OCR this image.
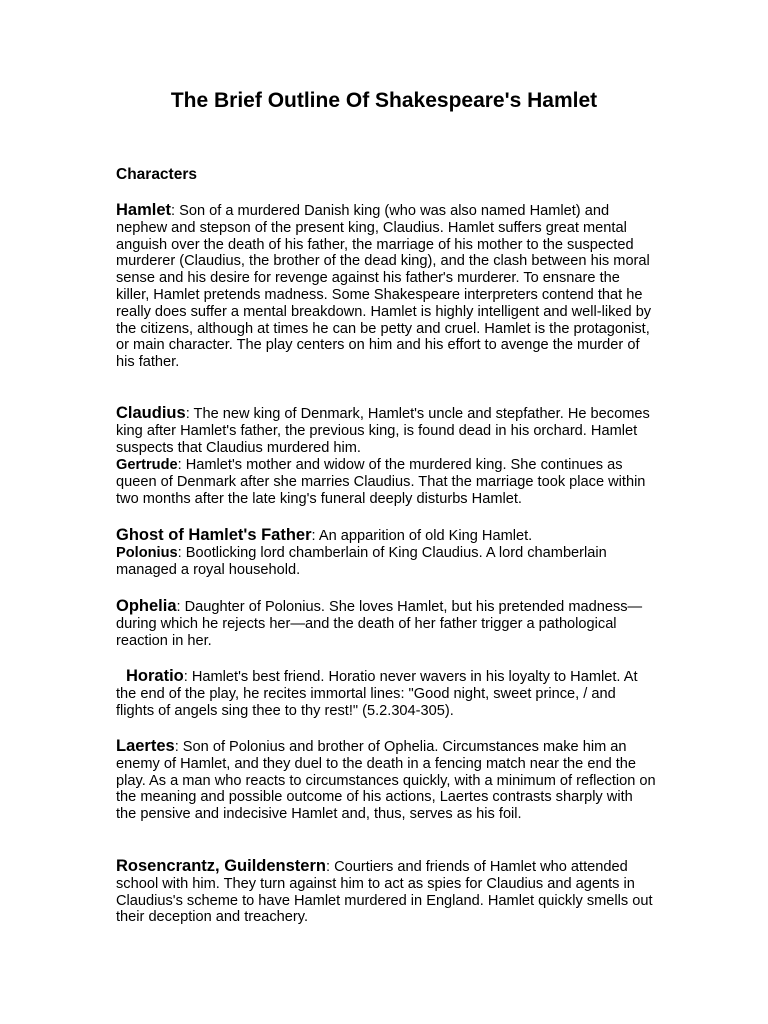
The Brief Outline Of Shakespeare's Hamlet
Characters

Hamlet: Son of a murdered Danish king (who was also named Hamlet) and nephew and stepson of the present king, Claudius. Hamlet suffers great mental anguish over the death of his father, the marriage of his mother to the suspected murderer (Claudius, the brother of the dead king), and the clash between his moral sense and his desire for revenge against his father's murderer. To ensnare the killer, Hamlet pretends madness. Some Shakespeare interpreters contend that he really does suffer a mental breakdown. Hamlet is highly intelligent and well-liked by the citizens, although at times he can be petty and cruel. Hamlet is the protagonist, or main character. The play centers on him and his effort to avenge the murder of his father.

Claudius: The new king of Denmark, Hamlet's uncle and stepfather. He becomes king after Hamlet's father, the previous king, is found dead in his orchard. Hamlet suspects that Claudius murdered him.

Gertrude: Hamlet's mother and widow of the murdered king. She continues as queen of Denmark after she marries Claudius. That the marriage took place within two months after the late king's funeral deeply disturbs Hamlet.

Ghost of Hamlet's Father: An apparition of old King Hamlet.

Polonius: Bootlicking lord chamberlain of King Claudius. A lord chamberlain managed a royal household.

Ophelia: Daughter of Polonius. She loves Hamlet, but his pretended madness—during which he rejects her—and the death of her father trigger a pathological reaction in her.

Horatio: Hamlet's best friend. Horatio never wavers in his loyalty to Hamlet. At the end of the play, he recites immortal lines: "Good night, sweet prince, / and flights of angels sing thee to thy rest!" (5.2.304-305).

Laertes: Son of Polonius and brother of Ophelia. Circumstances make him an enemy of Hamlet, and they duel to the death in a fencing match near the end the play. As a man who reacts to circumstances quickly, with a minimum of reflection on the meaning and possible outcome of his actions, Laertes contrasts sharply with the pensive and indecisive Hamlet and, thus, serves as his foil.

Rosencrantz, Guildenstern: Courtiers and friends of Hamlet who attended school with him. They turn against him to act as spies for Claudius and agents in Claudius's scheme to have Hamlet murdered in England. Hamlet quickly smells out their deception and treachery.
